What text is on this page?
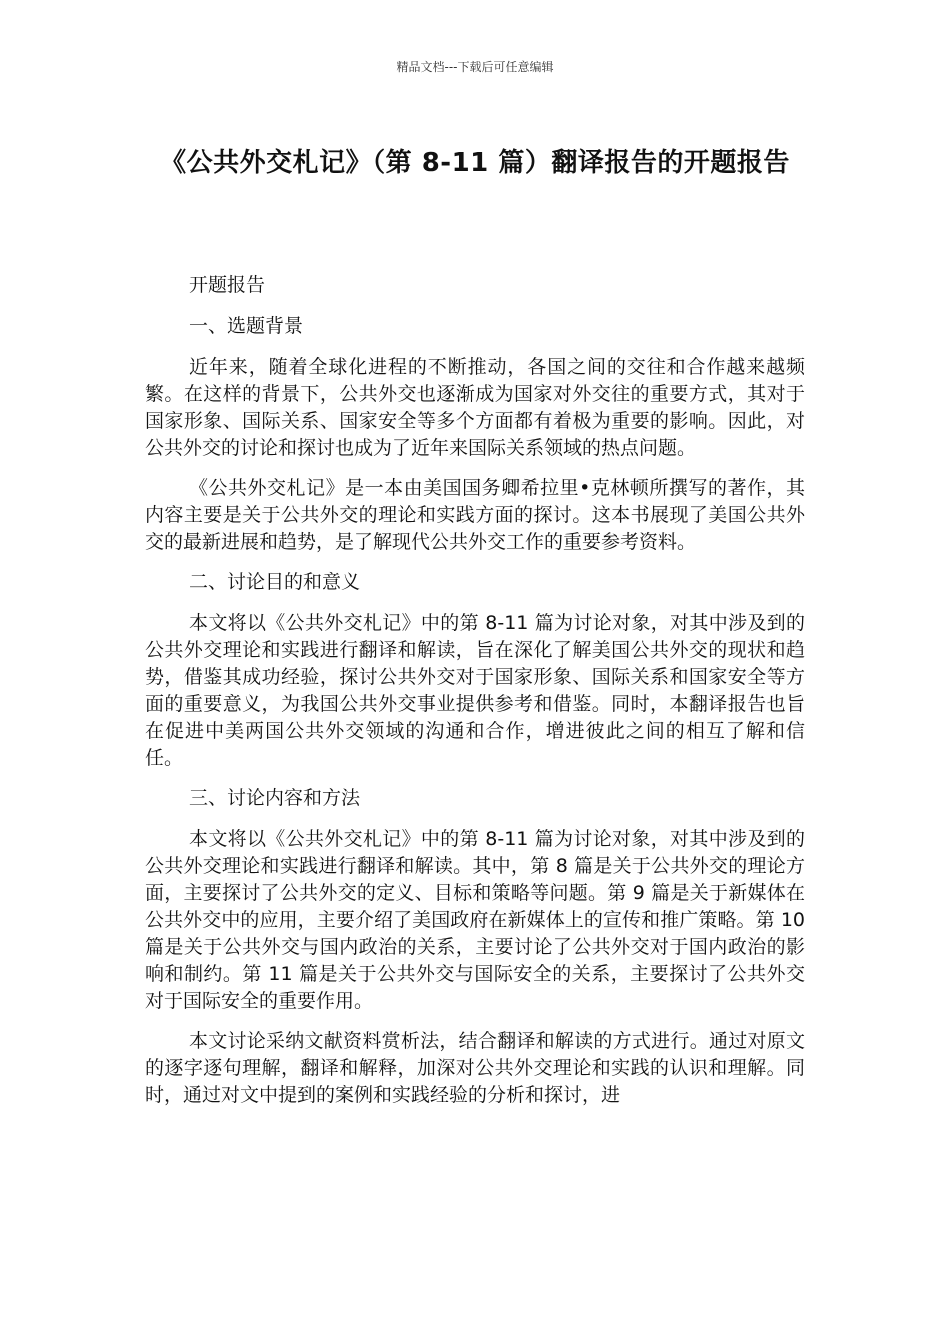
精品文档---下载后可任意编辑
《公共外交札记》（第 8-11 篇）翻译报告的开题报告

开题报告

一、选题背景

近年来，随着全球化进程的不断推动，各国之间的交往和合作越来越频繁。在这样的背景下，公共外交也逐渐成为国家对外交往的重要方式，其对于国家形象、国际关系、国家安全等多个方面都有着极为重要的影响。因此，对公共外交的讨论和探讨也成为了近年来国际关系领域的热点问题。

《公共外交札记》是一本由美国国务卿希拉里•克林顿所撰写的著作，其内容主要是关于公共外交的理论和实践方面的探讨。这本书展现了美国公共外交的最新进展和趋势，是了解现代公共外交工作的重要参考资料。

二、讨论目的和意义

本文将以《公共外交札记》中的第 8-11 篇为讨论对象，对其中涉及到的公共外交理论和实践进行翻译和解读，旨在深化了解美国公共外交的现状和趋势，借鉴其成功经验，探讨公共外交对于国家形象、国际关系和国家安全等方面的重要意义，为我国公共外交事业提供参考和借鉴。同时，本翻译报告也旨在促进中美两国公共外交领域的沟通和合作，增进彼此之间的相互了解和信任。

三、讨论内容和方法

本文将以《公共外交札记》中的第 8-11 篇为讨论对象，对其中涉及到的公共外交理论和实践进行翻译和解读。其中，第 8 篇是关于公共外交的理论方面，主要探讨了公共外交的定义、目标和策略等问题。第 9 篇是关于新媒体在公共外交中的应用，主要介绍了美国政府在新媒体上的宣传和推广策略。第 10 篇是关于公共外交与国内政治的关系，主要讨论了公共外交对于国内政治的影响和制约。第 11 篇是关于公共外交与国际安全的关系，主要探讨了公共外交对于国际安全的重要作用。

本文讨论采纳文献资料赏析法，结合翻译和解读的方式进行。通过对原文的逐字逐句理解，翻译和解释，加深对公共外交理论和实践的认识和理解。同时，通过对文中提到的案例和实践经验的分析和探讨，进
